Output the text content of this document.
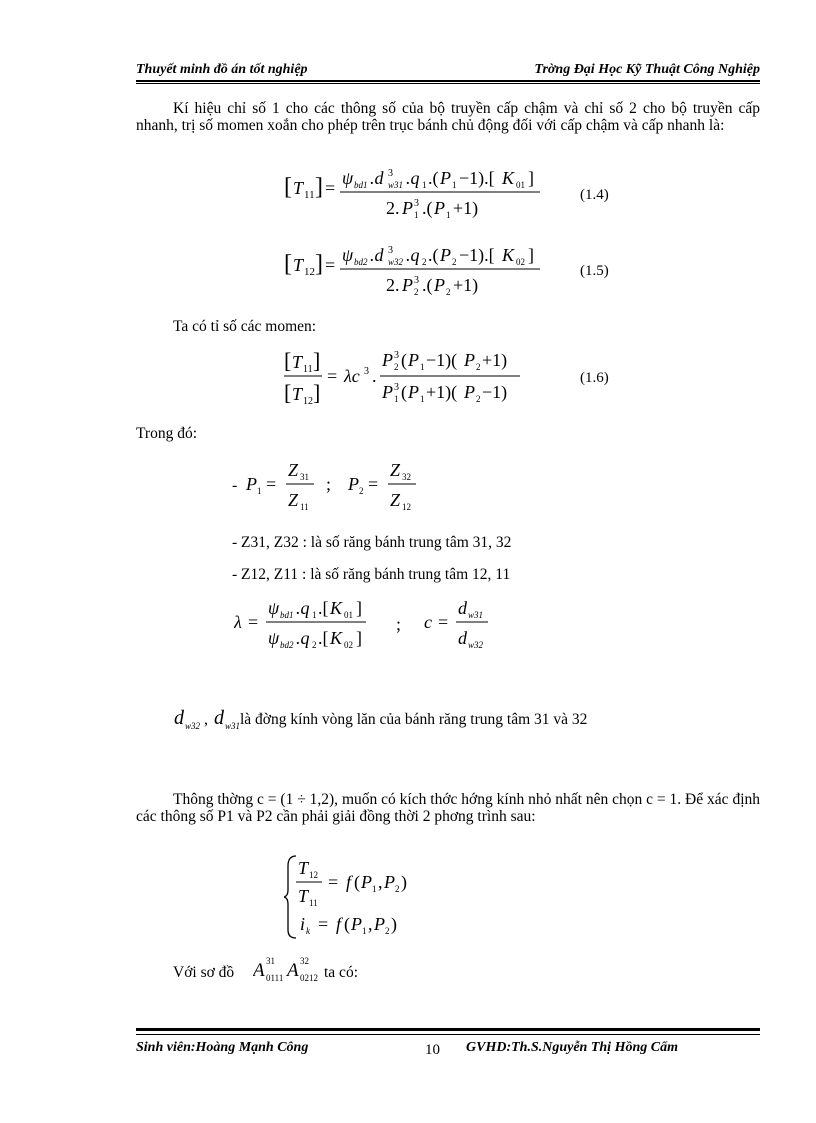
Thuyết minh đồ án tốt nghiệp	Trờng Đại Học Kỹ Thuật Công Nghiệp
Kí hiệu chỉ số 1 cho các thông số của bộ truyền cấp chậm và chỉ số 2 cho bộ truyền cấp nhanh, trị số momen xoắn cho phép trên trục bánh chủ động đối với cấp chậm và cấp nhanh là:
[ T 11 ] = ψ bd1 .d 3
w31 .q 1 .( P 1 −1).[ K 01 ]
2. P 3
1 .( P 1 +1)
(1.4)
[ T 12 ] = ψ bd2 .d 3
w32 .q 2 .( P 2 −1).[ K 02 ]
2. P 3
2 .( P 2 +1)
(1.5)
Ta có tỉ số các momen:
[ T 11 ]
[ T 12 ]
= λc 3 .
P 3
2 ( P 1 −1)( P 2 +1)
P 3
1 ( P 1 +1)( P 2 −1)
(1.6)
Trong đó:
- P 1 =
Z 31
Z 11
; P 2 =
Z 32
Z 12
- Z31, Z32 : là số răng bánh trung tâm 31, 32
- Z12, Z11 : là số răng bánh trung tâm 12, 11
λ =
ψ bd1 .q 1 .[ K 01 ]
ψ bd2 .q 2 .[ K 02 ]
; c =
d w31
d w32
d w32 , d w31 là đờng kính vòng lăn của bánh răng trung tâm 31 và 32
Thông thờng c = (1 ÷ 1,2), muốn có kích thớc hớng kính nhỏ nhất nên chọn c = 1. Để xác định các thông số P1 và P2 cần phải giải đồng thời 2 phơng trình sau:
T 12
T 11
= f ( P 1 , P 2 )
i k = f ( P 1 , P 2 )
Với sơ đồ A 31
0111 A 32
0212 ta có:
Sinh viên:Hoàng Mạnh Công	10 GVHD:Th.S.Nguyễn Thị Hồng Cẩm
